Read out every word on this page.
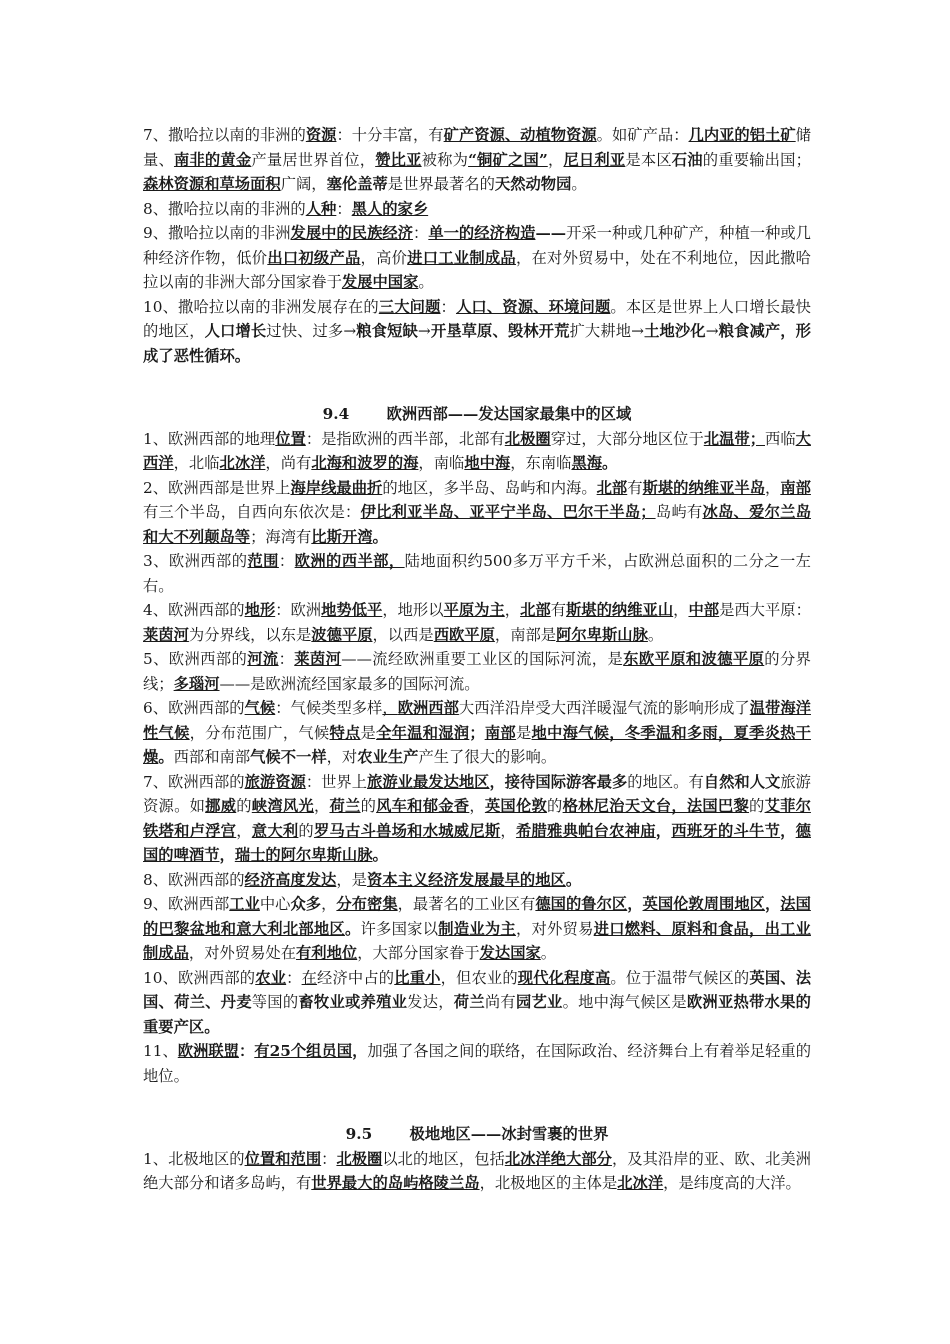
7、撒哈拉以南的非洲的资源：十分丰富，有矿产资源、动植物资源。如矿产品：几内亚的铝土矿储量、南非的黄金产量居世界首位，赞比亚被称为“铜矿之国”，尼日利亚是本区石油的重要输出国；森林资源和草场面积广阔，塞伦盖蒂是世界最著名的天然动物园。

8、撒哈拉以南的非洲的人种：黑人的家乡

9、撒哈拉以南的非洲发展中的民族经济：单一的经济构造——开采一种或几种矿产，种植一种或几种经济作物，低价出口初级产品，高价进口工业制成品，在对外贸易中，处在不利地位，因此撒哈拉以南的非洲大部分国家眷于发展中国家。

10、撒哈拉以南的非洲发展存在的三大问题：人口、资源、环境问题。本区是世界上人口增长最快的地区，人口增长过快、过多→粮食短缺→开垦草原、毁林开荒扩大耕地→土地沙化→粮食减产，形成了恶性循环。

9.4 欧洲西部——发达国家最集中的区域

1、欧洲西部的地理位置：是指欧洲的西半部，北部有北极圈穿过，大部分地区位于北温带；西临大西洋，北临北冰洋，尚有北海和波罗的海，南临地中海，东南临黑海。

2、欧洲西部是世界上海岸线最曲折的地区，多半岛、岛屿和内海。北部有斯堪的纳维亚半岛，南部有三个半岛，自西向东依次是：伊比利亚半岛、亚平宁半岛、巴尔干半岛；岛屿有冰岛、爱尔兰岛和大不列颠岛等；海湾有比斯开湾。

3、欧洲西部的范围：欧洲的西半部，陆地面积约500多万平方千米，占欧洲总面积的二分之一左右。

4、欧洲西部的地形：欧洲地势低平，地形以平原为主，北部有斯堪的纳维亚山，中部是西大平原：莱茵河为分界线，以东是波德平原，以西是西欧平原，南部是阿尔卑斯山脉。

5、欧洲西部的河流：莱茵河——流经欧洲重要工业区的国际河流，是东欧平原和波德平原的分界线；多瑙河——是欧洲流经国家最多的国际河流。

6、欧洲西部的气候：气候类型多样，欧洲西部大西洋沿岸受大西洋暖湿气流的影响形成了温带海洋性气候，分布范围广，气候特点是全年温和湿润；南部是地中海气候，冬季温和多雨，夏季炎热干燥。西部和南部气候不一样，对农业生产产生了很大的影响。

7、欧洲西部的旅游资源：世界上旅游业最发达地区，接待国际游客最多的地区。有自然和人文旅游资源。如挪威的峡湾风光，荷兰的风车和郁金香，英国伦敦的格林尼治天文台，法国巴黎的艾菲尔铁塔和卢浮宫，意大利的罗马古斗兽场和水城威尼斯，希腊雅典帕台农神庙，西班牙的斗牛节，德国的啤酒节，瑞士的阿尔卑斯山脉。

8、欧洲西部的经济高度发达，是资本主义经济发展最早的地区。

9、欧洲西部工业中心众多，分布密集，最著名的工业区有德国的鲁尔区，英国伦敦周围地区，法国的巴黎盆地和意大利北部地区。许多国家以制造业为主，对外贸易进口燃料、原料和食品，出工业制成品，对外贸易处在有利地位，大部分国家眷于发达国家。

10、欧洲西部的农业：在经济中占的比重小，但农业的现代化程度高。位于温带气候区的英国、法国、荷兰、丹麦等国的畜牧业或养殖业发达，荷兰尚有园艺业。地中海气候区是欧洲亚热带水果的重要产区。

11、欧洲联盟：有25个组员国，加强了各国之间的联络，在国际政治、经济舞台上有着举足轻重的地位。

9.5 极地地区——冰封雪裹的世界

1、北极地区的位置和范围：北极圈以北的地区，包括北冰洋绝大部分，及其沿岸的亚、欧、北美洲绝大部分和诸多岛屿，有世界最大的岛屿格陵兰岛，北极地区的主体是北冰洋，是纬度高的大洋。
